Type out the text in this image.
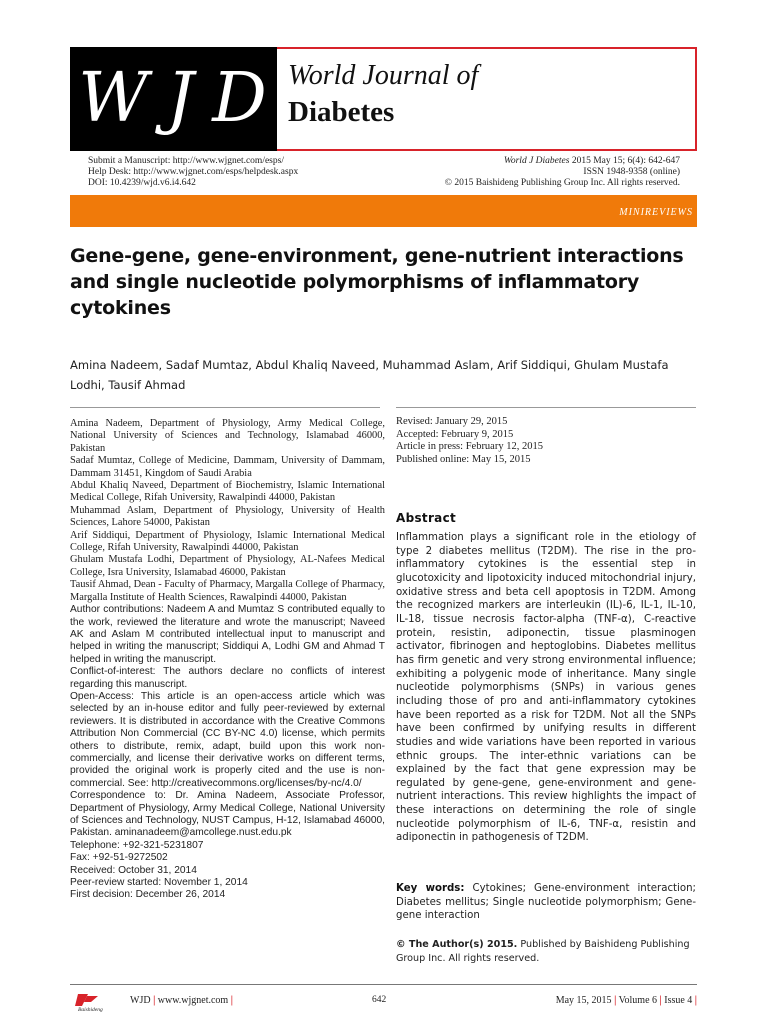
W J D World Journal of
Diabetes
Submit a Manuscript: http://www.wjgnet.com/esps/
Help Desk: http://www.wjgnet.com/esps/helpdesk.aspx
DOI: 10.4239/wjd.v6.i4.642
World J Diabetes 2015 May 15; 6(4): 642-647
ISSN 1948-9358 (online)
© 2015 Baishideng Publishing Group Inc. All rights reserved.
MINIREVIEWS
Gene-gene, gene-environment, gene-nutrient interactions and single nucleotide polymorphisms of inflammatory cytokines
Amina Nadeem, Sadaf Mumtaz, Abdul Khaliq Naveed, Muhammad Aslam, Arif Siddiqui, Ghulam Mustafa Lodhi, Tausif Ahmad

Amina Nadeem, Department of Physiology, Army Medical College, National University of Sciences and Technology, Islamabad 46000, Pakistan

Sadaf Mumtaz, College of Medicine, Dammam, University of Dammam, Dammam 31451, Kingdom of Saudi Arabia

Abdul Khaliq Naveed, Department of Biochemistry, Islamic International Medical College, Rifah University, Rawalpindi 44000, Pakistan

Muhammad Aslam, Department of Physiology, University of Health Sciences, Lahore 54000, Pakistan

Arif Siddiqui, Department of Physiology, Islamic International Medical College, Rifah University, Rawalpindi 44000, Pakistan

Ghulam Mustafa Lodhi, Department of Physiology, AL-Nafees Medical College, Isra University, Islamabad 46000, Pakistan

Tausif Ahmad, Dean - Faculty of Pharmacy, Margalla College of Pharmacy, Margalla Institute of Health Sciences, Rawalpindi 44000, Pakistan

Author contributions: Nadeem A and Mumtaz S contributed equally to the work, reviewed the literature and wrote the manuscript; Naveed AK and Aslam M contributed intellectual input to manuscript and helped in writing the manuscript; Siddiqui A, Lodhi GM and Ahmad T helped in writing the manuscript.

Conflict-of-interest: The authors declare no conflicts of interest regarding this manuscript.

Open-Access: This article is an open-access article which was selected by an in-house editor and fully peer-reviewed by external reviewers. It is distributed in accordance with the Creative Commons Attribution Non Commercial (CC BY-NC 4.0) license, which permits others to distribute, remix, adapt, build upon this work non-commercially, and license their derivative works on different terms, provided the original work is properly cited and the use is non-commercial. See: http://creativecommons.org/licenses/by-nc/4.0/

Correspondence to: Dr. Amina Nadeem, Associate Professor, Department of Physiology, Army Medical College, National University of Sciences and Technology, NUST Campus, H-12, Islamabad 46000, Pakistan. aminanadeem@amcollege.nust.edu.pk

Telephone: +92-321-5231807

Fax: +92-51-9272502

Received: October 31, 2014

Peer-review started: November 1, 2014

First decision: December 26, 2014

Revised: January 29, 2015

Accepted: February 9, 2015

Article in press: February 12, 2015

Published online: May 15, 2015

Abstract
Inflammation plays a significant role in the etiology of type 2 diabetes mellitus (T2DM). The rise in the pro-inflammatory cytokines is the essential step in glucotoxicity and lipotoxicity induced mitochondrial injury, oxidative stress and beta cell apoptosis in T2DM. Among the recognized markers are interleukin (IL)-6, IL-1, IL-10, IL-18, tissue necrosis factor-alpha (TNF-α), C-reactive protein, resistin, adiponectin, tissue plasminogen activator, fibrinogen and heptoglobins. Diabetes mellitus has firm genetic and very strong environmental influence; exhibiting a polygenic mode of inheritance. Many single nucleotide polymorphisms (SNPs) in various genes including those of pro and anti-inflammatory cytokines have been reported as a risk for T2DM. Not all the SNPs have been confirmed by unifying results in different studies and wide variations have been reported in various ethnic groups. The inter-ethnic variations can be explained by the fact that gene expression may be regulated by gene-gene, gene-environment and gene-nutrient interactions. This review highlights the impact of these interactions on determining the role of single nucleotide polymorphism of IL-6, TNF-α, resistin and adiponectin in pathogenesis of T2DM.
Key words: Cytokines; Gene-environment interaction; Diabetes mellitus; Single nucleotide polymorphism; Gene-gene interaction
© The Author(s) 2015. Published by Baishideng Publishing Group Inc. All rights reserved.
Baishideng
WJD | www.wjgnet.com |	642	May 15, 2015 | Volume 6 | Issue 4 |
